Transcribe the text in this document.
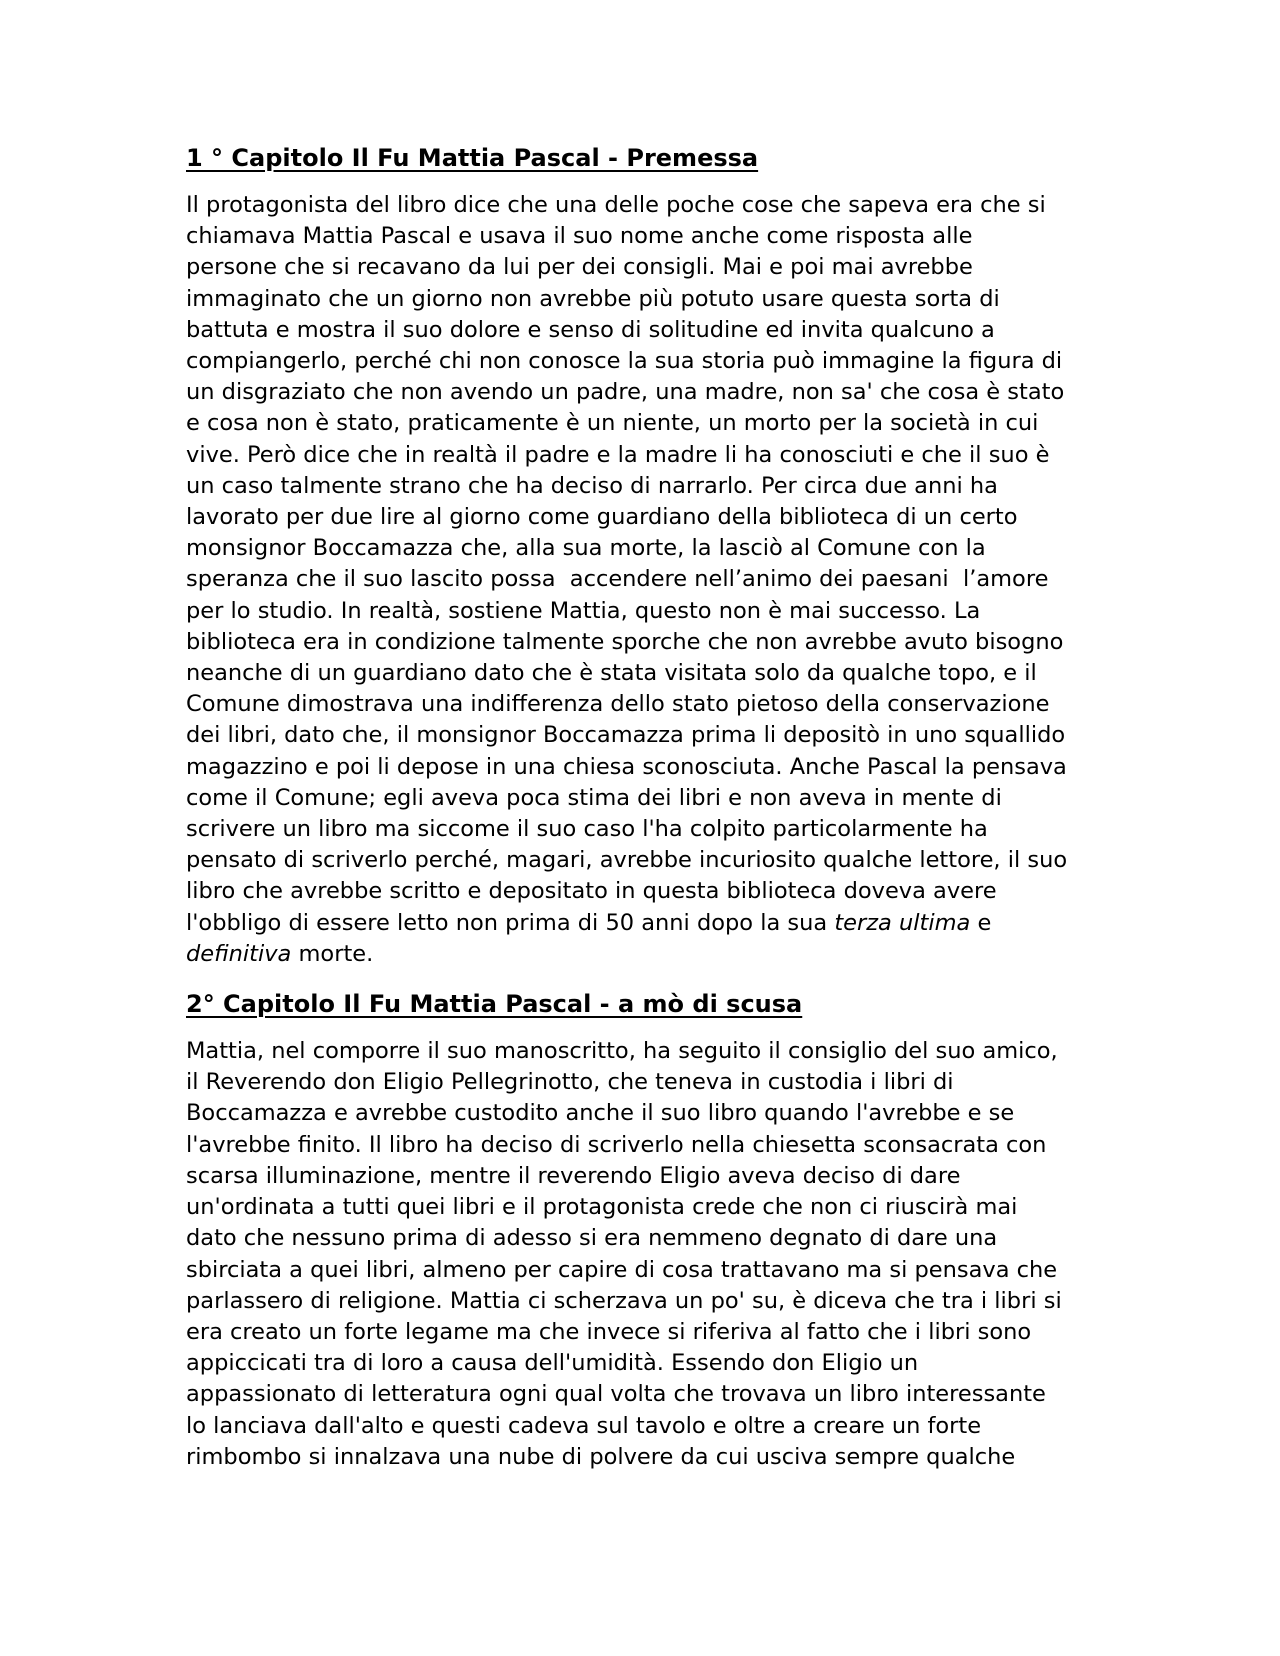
1 ° Capitolo Il Fu Mattia Pascal - Premessa

Il protagonista del libro dice che una delle poche cose che sapeva era che si
chiamava Mattia Pascal e usava il suo nome anche come risposta alle
persone che si recavano da lui per dei consigli. Mai e poi mai avrebbe
immaginato che un giorno non avrebbe più potuto usare questa sorta di
battuta e mostra il suo dolore e senso di solitudine ed invita qualcuno a
compiangerlo, perché chi non conosce la sua storia può immagine la figura di
un disgraziato che non avendo un padre, una madre, non sa' che cosa è stato
e cosa non è stato, praticamente è un niente, un morto per la società in cui
vive. Però dice che in realtà il padre e la madre li ha conosciuti e che il suo è
un caso talmente strano che ha deciso di narrarlo. Per circa due anni ha
lavorato per due lire al giorno come guardiano della biblioteca di un certo
monsignor Boccamazza che, alla sua morte, la lasciò al Comune con la
speranza che il suo lascito possa  accendere nell’animo dei paesani  l’amore
per lo studio. In realtà, sostiene Mattia, questo non è mai successo. La
biblioteca era in condizione talmente sporche che non avrebbe avuto bisogno
neanche di un guardiano dato che è stata visitata solo da qualche topo, e il
Comune dimostrava una indifferenza dello stato pietoso della conservazione
dei libri, dato che, il monsignor Boccamazza prima li depositò in uno squallido
magazzino e poi li depose in una chiesa sconosciuta. Anche Pascal la pensava
come il Comune; egli aveva poca stima dei libri e non aveva in mente di
scrivere un libro ma siccome il suo caso l'ha colpito particolarmente ha
pensato di scriverlo perché, magari, avrebbe incuriosito qualche lettore, il suo
libro che avrebbe scritto e depositato in questa biblioteca doveva avere
l'obbligo di essere letto non prima di 50 anni dopo la sua terza ultima e
definitiva morte.

2° Capitolo Il Fu Mattia Pascal - a mò di scusa

Mattia, nel comporre il suo manoscritto, ha seguito il consiglio del suo amico,
il Reverendo don Eligio Pellegrinotto, che teneva in custodia i libri di
Boccamazza e avrebbe custodito anche il suo libro quando l'avrebbe e se
l'avrebbe finito. Il libro ha deciso di scriverlo nella chiesetta sconsacrata con
scarsa illuminazione, mentre il reverendo Eligio aveva deciso di dare
un'ordinata a tutti quei libri e il protagonista crede che non ci riuscirà mai
dato che nessuno prima di adesso si era nemmeno degnato di dare una
sbirciata a quei libri, almeno per capire di cosa trattavano ma si pensava che
parlassero di religione. Mattia ci scherzava un po' su, è diceva che tra i libri si
era creato un forte legame ma che invece si riferiva al fatto che i libri sono
appiccicati tra di loro a causa dell'umidità. Essendo don Eligio un
appassionato di letteratura ogni qual volta che trovava un libro interessante
lo lanciava dall'alto e questi cadeva sul tavolo e oltre a creare un forte
rimbombo si innalzava una nube di polvere da cui usciva sempre qualche
